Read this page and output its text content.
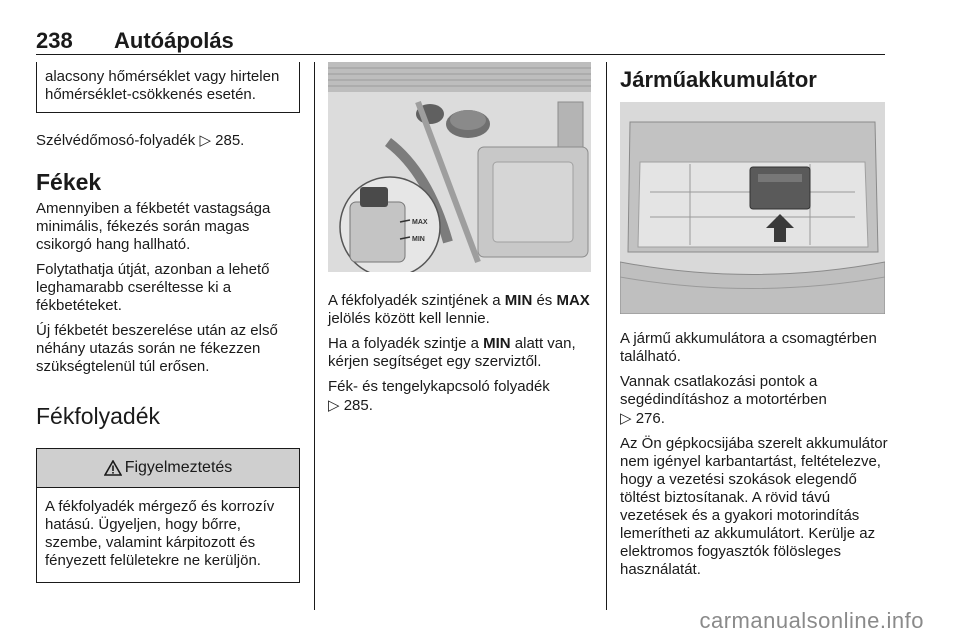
238 Autóápolás
alacsony hőmérséklet vagy hirtelen hőmérséklet-csökkenés esetén.

Szélvédőmosó-folyadék ▷ 285.

Fékek

Amennyiben a fékbetét vastagsága minimális, fékezés során magas csikorgó hang hallható.

Folytathatja útját, azonban a lehető leghamarabb cseréltesse ki a fékbetéteket.

Új fékbetét beszerelése után az első néhány utazás során ne fékezzen szükségtelenül túl erősen.

Fékfolyadék
Figyelmeztetés
A fékfolyadék mérgező és korrozív hatású. Ügyeljen, hogy bőrre, szembe, valamint kárpitozott és fényezett felületekre ne kerüljön.
MAX
MIN

A fékfolyadék szintjének a MIN és MAX jelölés között kell lennie.

Ha a folyadék szintje a MIN alatt van, kérjen segítséget egy szerviztől.

Fék- és tengelykapcsoló folyadék
▷ 285.

Járműakkumulátor

A jármű akkumulátora a csomagtérben található.

Vannak csatlakozási pontok a segédindításhoz a motortérben
▷ 276.

Az Ön gépkocsijába szerelt akkumulátor nem igényel karbantartást, feltételezve, hogy a vezetési szokások elegendő töltést biztosítanak. A rövid távú vezetések és a gyakori motorindítás lemerítheti az akkumulátort. Kerülje az elektromos fogyasztók fölösleges használatát.

carmanualsonline.info
